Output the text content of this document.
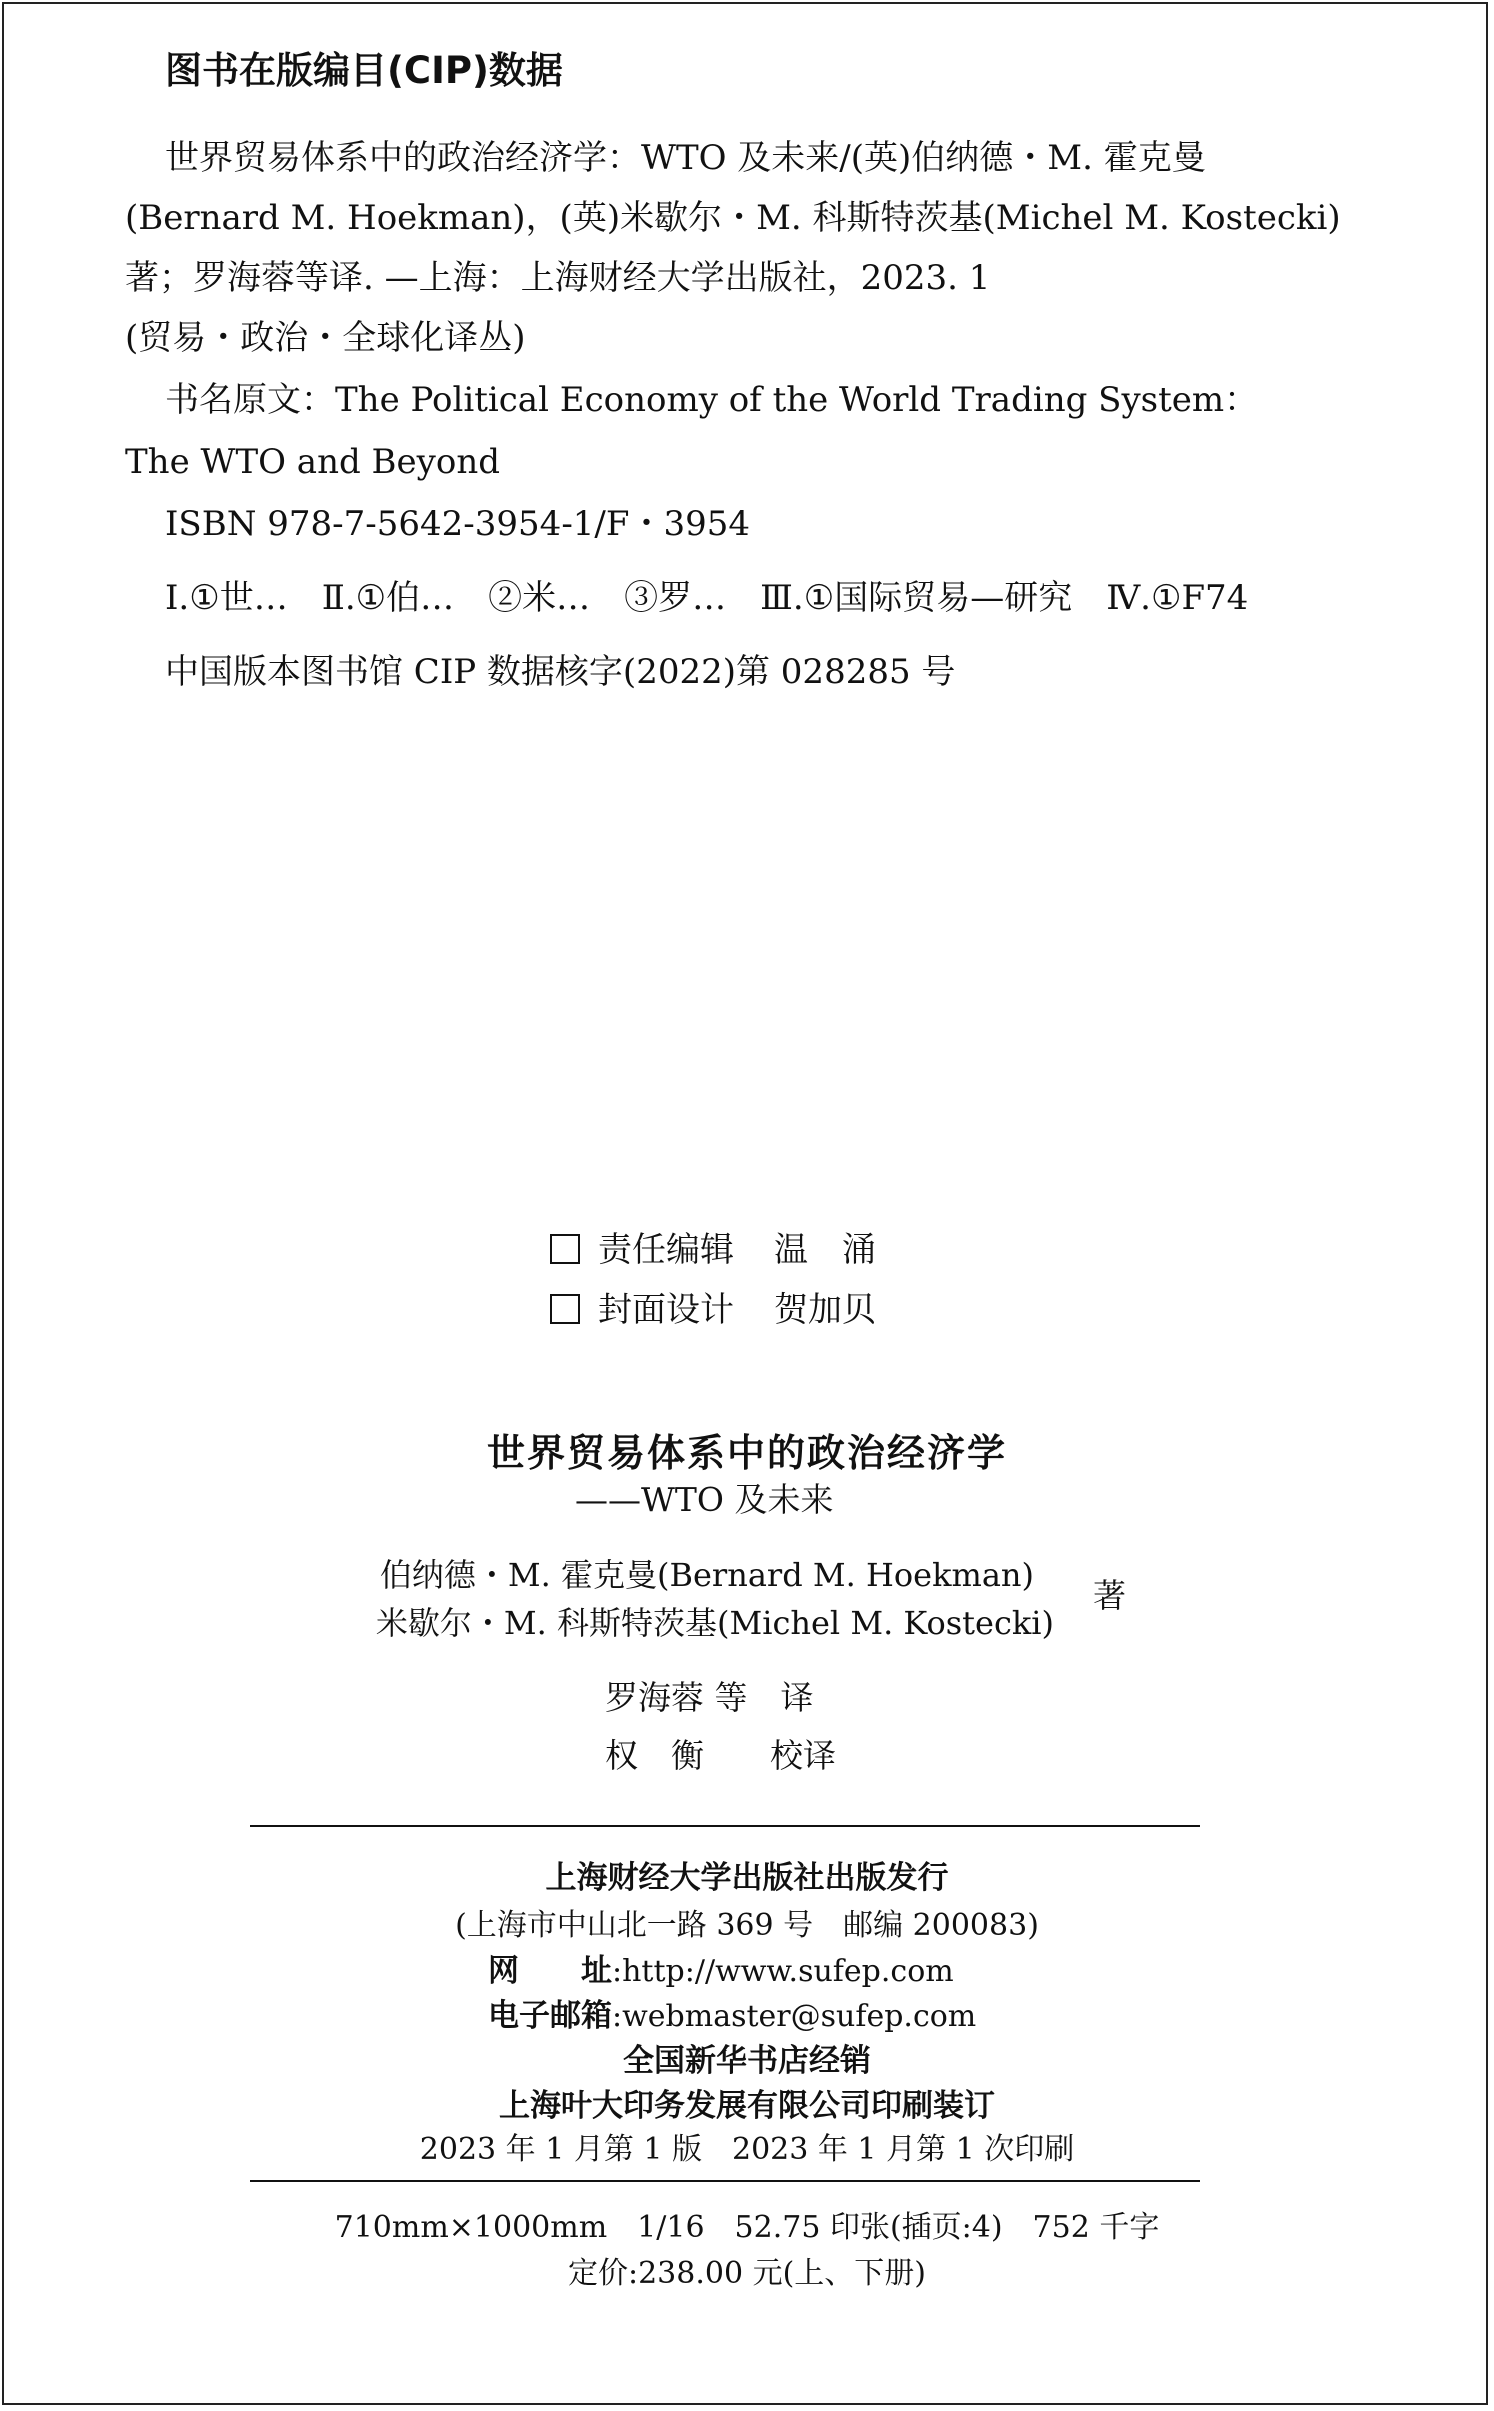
图书在版编目(CIP)数据
世界贸易体系中的政治经济学：WTO 及未来/(英)伯纳德・M. 霍克曼
(Bernard M. Hoekman)，(英)米歇尔・M. 科斯特茨基(Michel M. Kostecki)
著；罗海蓉等译. —上海：上海财经大学出版社，2023. 1
(贸易・政治・全球化译丛)
书名原文：The Political Economy of the World Trading System：
The WTO and Beyond
ISBN 978-7-5642-3954-1/F・3954
Ⅰ.①世…　Ⅱ.①伯…　②米…　③罗…　Ⅲ.①国际贸易—研究　Ⅳ.①F74
中国版本图书馆 CIP 数据核字(2022)第 028285 号
责任编辑 温　涌
封面设计 贺加贝
世界贸易体系中的政治经济学
——WTO 及未来
伯纳德・M. 霍克曼(Bernard M. Hoekman)
米歇尔・M. 科斯特茨基(Michel M. Kostecki)
著
罗海蓉 等　译
权　衡　　校译
上海财经大学出版社出版发行
(上海市中山北一路 369 号　邮编 200083)
网　　址:http://www.sufep.com
电子邮箱:webmaster@sufep.com
全国新华书店经销
上海叶大印务发展有限公司印刷装订
2023 年 1 月第 1 版　2023 年 1 月第 1 次印刷
710mm×1000mm　1/16　52.75 印张(插页:4)　752 千字
定价:238.00 元(上、下册)
